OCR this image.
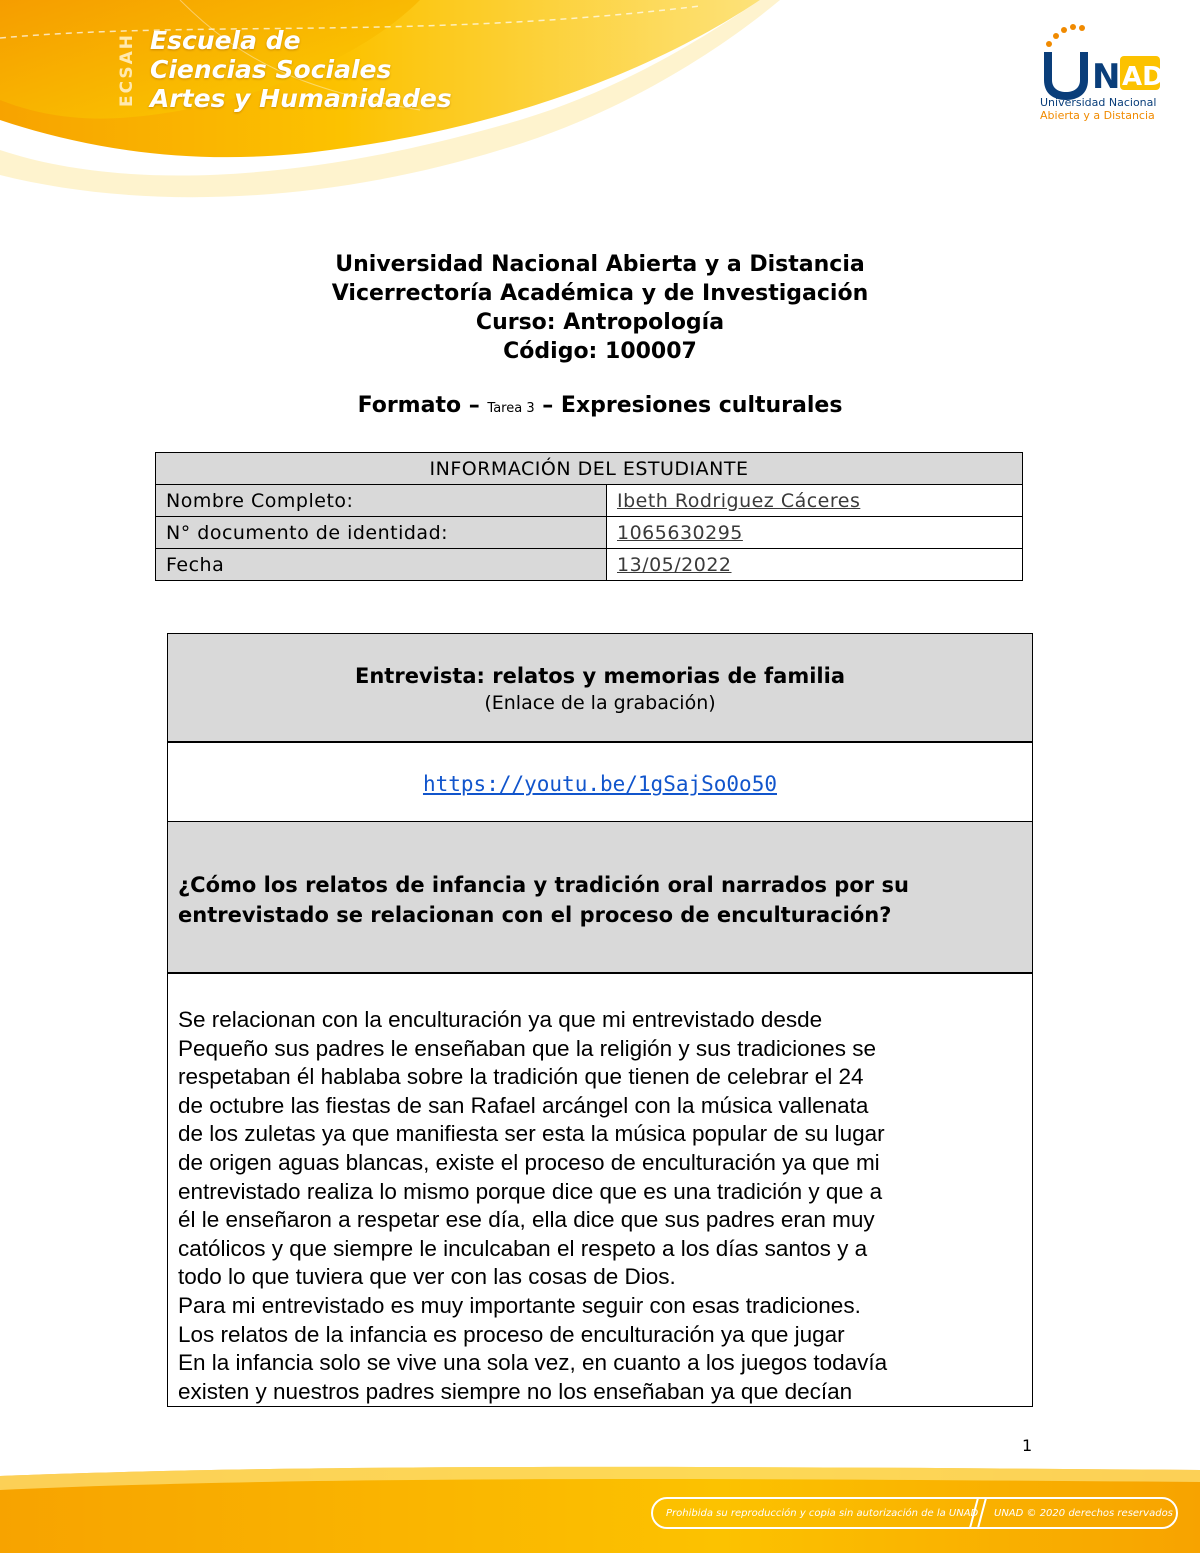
ECSAH Escuela de
Ciencias Sociales
Artes y Humanidades
N AD
Universidad Nacional
Abierta y a Distancia
Universidad Nacional Abierta y a Distancia
Vicerrectoría Académica y de Investigación
Curso: Antropología
Código: 100007
Formato – Tarea 3 – Expresiones culturales
INFORMACIÓN DEL ESTUDIANTE	
Nombre Completo:	Ibeth Rodriguez Cáceres
N° documento de identidad:	1065630295
Fecha	13/05/2022
Entrevista: relatos y memorias de familia
(Enlace de la grabación)
https://youtu.be/1gSajSo0o50
¿Cómo los relatos de infancia y tradición oral narrados por su entrevistado se relacionan con el proceso de enculturación?
Se relacionan con la enculturación ya que mi entrevistado desde
Pequeño sus padres le enseñaban que la religión y sus tradiciones se
respetaban él hablaba sobre la tradición que tienen de celebrar el 24
de octubre las fiestas de san Rafael arcángel con la música vallenata
de los zuletas ya que manifiesta ser esta la música popular de su lugar
de origen aguas blancas, existe el proceso de enculturación ya que mi
entrevistado realiza lo mismo porque dice que es una tradición y que a
él le enseñaron a respetar ese día, ella dice que sus padres eran muy
católicos y que siempre le inculcaban el respeto a los días santos y a
todo lo que tuviera que ver con las cosas de Dios.
Para mi entrevistado es muy importante seguir con esas tradiciones.
Los relatos de la infancia es proceso de enculturación ya que jugar
En la infancia solo se vive una sola vez, en cuanto a los juegos todavía
existen y nuestros padres siempre no los enseñaban ya que decían
1
Prohibida su reproducción y copia sin autorización de la UNAD UNAD © 2020 derechos reservados
